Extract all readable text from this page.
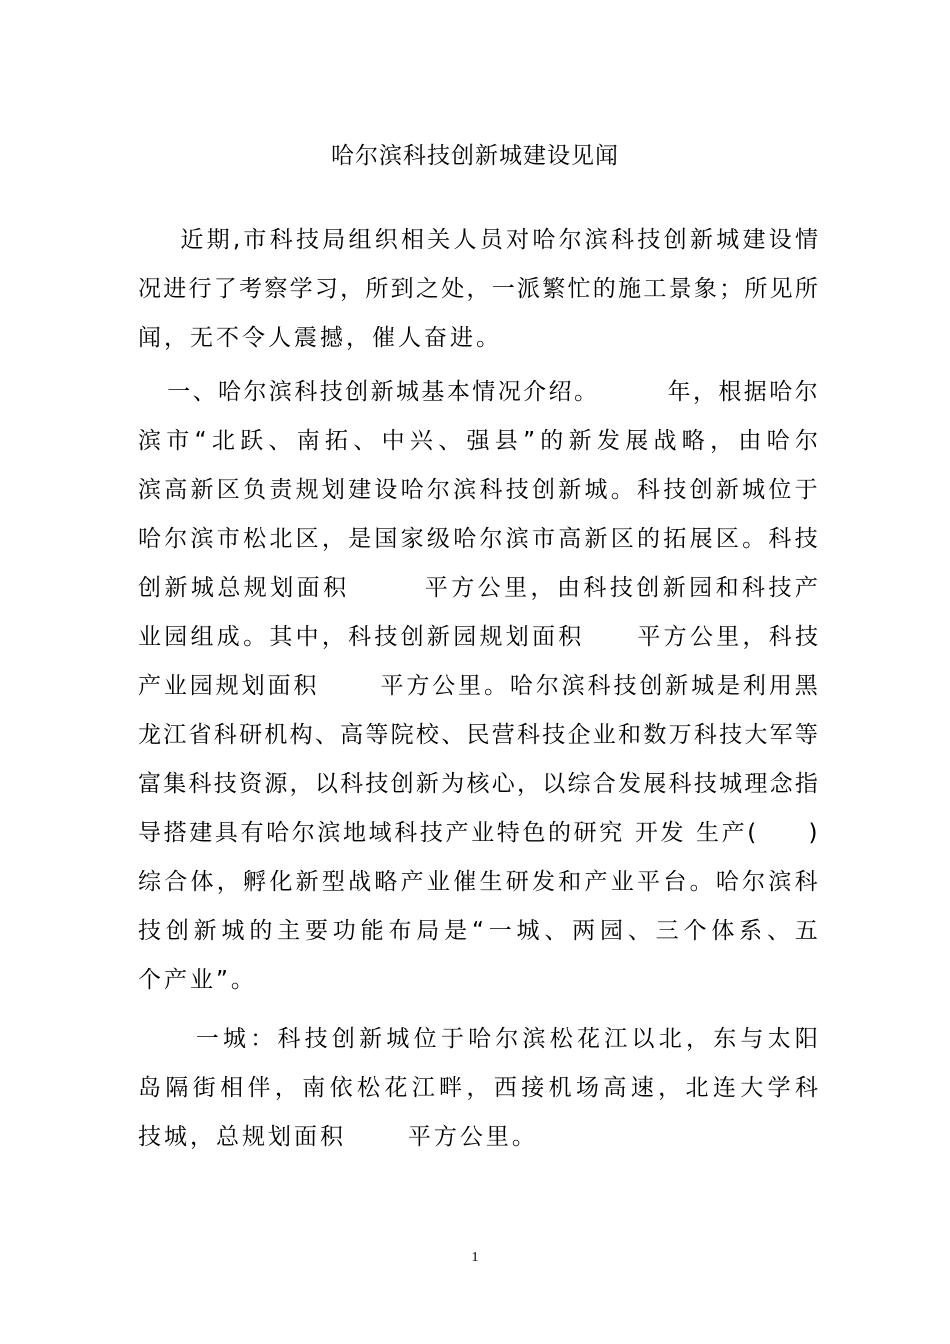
哈尔滨科技创新城建设见闻

近 期 , 市 科 技 局 组 织 相 关 人 员 对 哈 尔 滨 科 技 创 新 城 建 设 情
况 进 行 了 考 察 学 习 ， 所 到 之 处 ， 一 派 繁 忙 的 施 工 景 象 ； 所 见 所
闻，无不令人震撼，催人奋进。

一 、 哈 尔 滨 科 技 创 新 城 基 本 情 况 介 绍 。

	年 ， 根 据 哈 尔
滨 市 “ 北 跃 、 南 拓 、 中 兴 、 强 县 ” 的 新 发 展 战 略 ， 由 哈 尔
滨 高 新 区 负 责 规 划 建 设 哈 尔 滨 科 技 创 新 城 。 科 技 创 新 城 位 于
哈 尔 滨 市 松 北 区 ， 是 国 家 级 哈 尔 滨 市 高 新 区 的 拓 展 区 。 科 技
创 新 城 总 规 划 面 积

	平 方 公 里 ， 由 科 技 创 新 园 和 科 技 产
业 园 组 成 。 其 中 ， 科 技 创 新 园 规 划 面 积

平 方 公 里 ， 科 技
产 业 园 规 划 面 积

	平 方 公 里 。 哈 尔 滨 科 技 创 新 城 是 利 用 黑
龙 江 省 科 研 机 构 、 高 等 院 校 、 民 营 科 技 企 业 和 数 万 科 技 大 军 等
富 集 科 技 资 源 ， 以 科 技 创 新 为 核 心 ， 以 综 合 发 展 科 技 城 理 念 指
导 搭 建 具 有 哈 尔 滨 地 域 科 技 产 业 特 色 的 研 究
开 发
生 产 (

)
综 合 体 ， 孵 化 新 型 战 略 产 业 催 生 研 发 和 产 业 平 台 。 哈 尔 滨 科
技 创 新 城 的 主 要 功 能 布 局 是 “ 一 城 、 两 园 、 三 个 体 系 、 五
个产业”。

一 城 ： 科 技 创 新 城 位 于 哈 尔 滨 松 花 江 以 北 ， 东 与 太 阳
岛 隔 街 相 伴 ， 南 依 松 花 江 畔 ， 西 接 机 场 高 速 ， 北 连 大 学 科
技城，总规划面积      平方公里。
1
